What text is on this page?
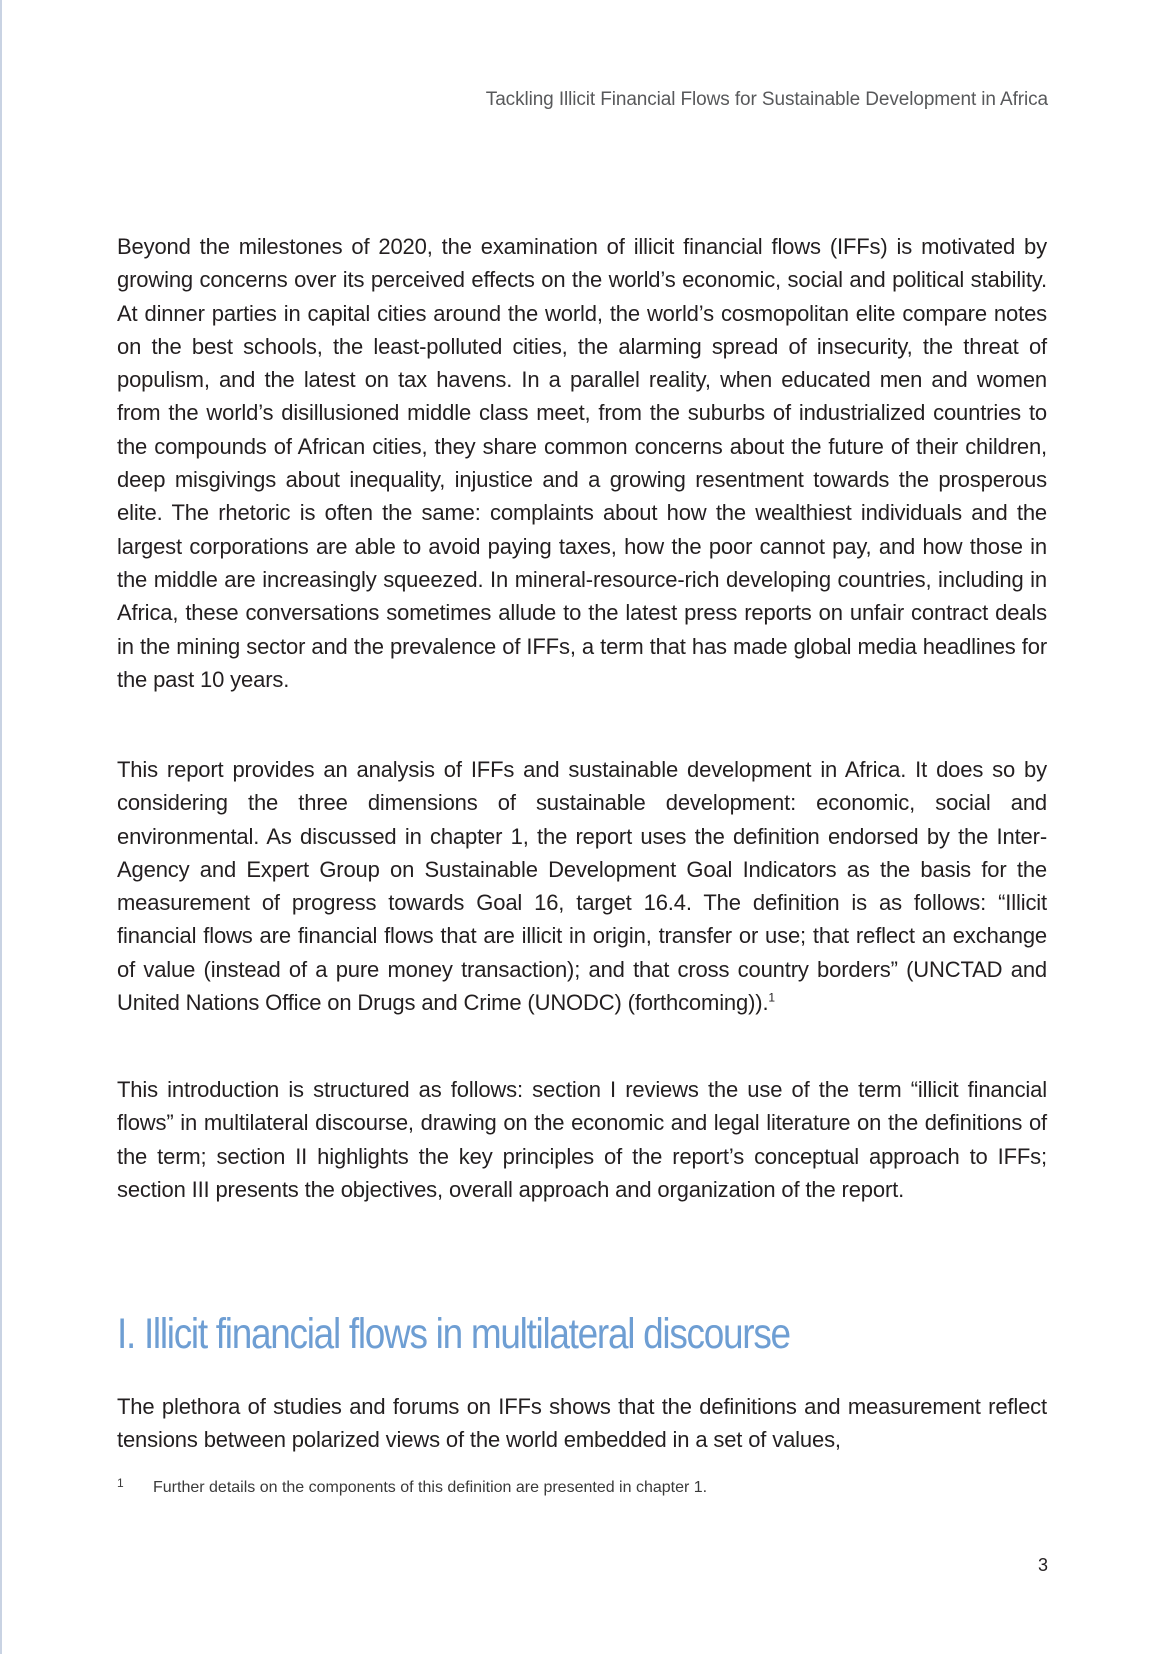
Tackling Illicit Financial Flows for Sustainable Development in Africa

Beyond the milestones of 2020, the examination of illicit financial flows (IFFs) is motivated by growing concerns over its perceived effects on the world’s economic, social and political stability. At dinner parties in capital cities around the world, the world’s cosmopolitan elite compare notes on the best schools, the least-polluted cities, the alarming spread of insecurity, the threat of populism, and the latest on tax havens. In a parallel reality, when educated men and women from the world’s disillusioned middle class meet, from the suburbs of industrialized countries to the compounds of African cities, they share common concerns about the future of their children, deep misgivings about inequality, injustice and a growing resentment towards the prosperous elite. The rhetoric is often the same: complaints about how the wealthiest individuals and the largest corporations are able to avoid paying taxes, how the poor cannot pay, and how those in the middle are increasingly squeezed. In mineral-resource-rich developing countries, including in Africa, these conversations sometimes allude to the latest press reports on unfair contract deals in the mining sector and the prevalence of IFFs, a term that has made global media headlines for the past 10 years.

This report provides an analysis of IFFs and sustainable development in Africa. It does so by considering the three dimensions of sustainable development: economic, social and environmental. As discussed in chapter 1, the report uses the definition endorsed by the Inter-Agency and Expert Group on Sustainable Development Goal Indicators as the basis for the measurement of progress towards Goal 16, target 16.4. The definition is as follows: “Illicit financial flows are financial flows that are illicit in origin, transfer or use; that reflect an exchange of value (instead of a pure money transaction); and that cross country borders” (UNCTAD and United Nations Office on Drugs and Crime (UNODC) (forthcoming)).$^1$

This introduction is structured as follows: section I reviews the use of the term “illicit financial flows” in multilateral discourse, drawing on the economic and legal literature on the definitions of the term; section II highlights the key principles of the report’s conceptual approach to IFFs; section III presents the objectives, overall approach and organization of the report.

I. Illicit financial flows in multilateral discourse

The plethora of studies and forums on IFFs shows that the definitions and measurement reflect tensions between polarized views of the world embedded in a set of values,

1 Further details on the components of this definition are presented in chapter 1.
3
